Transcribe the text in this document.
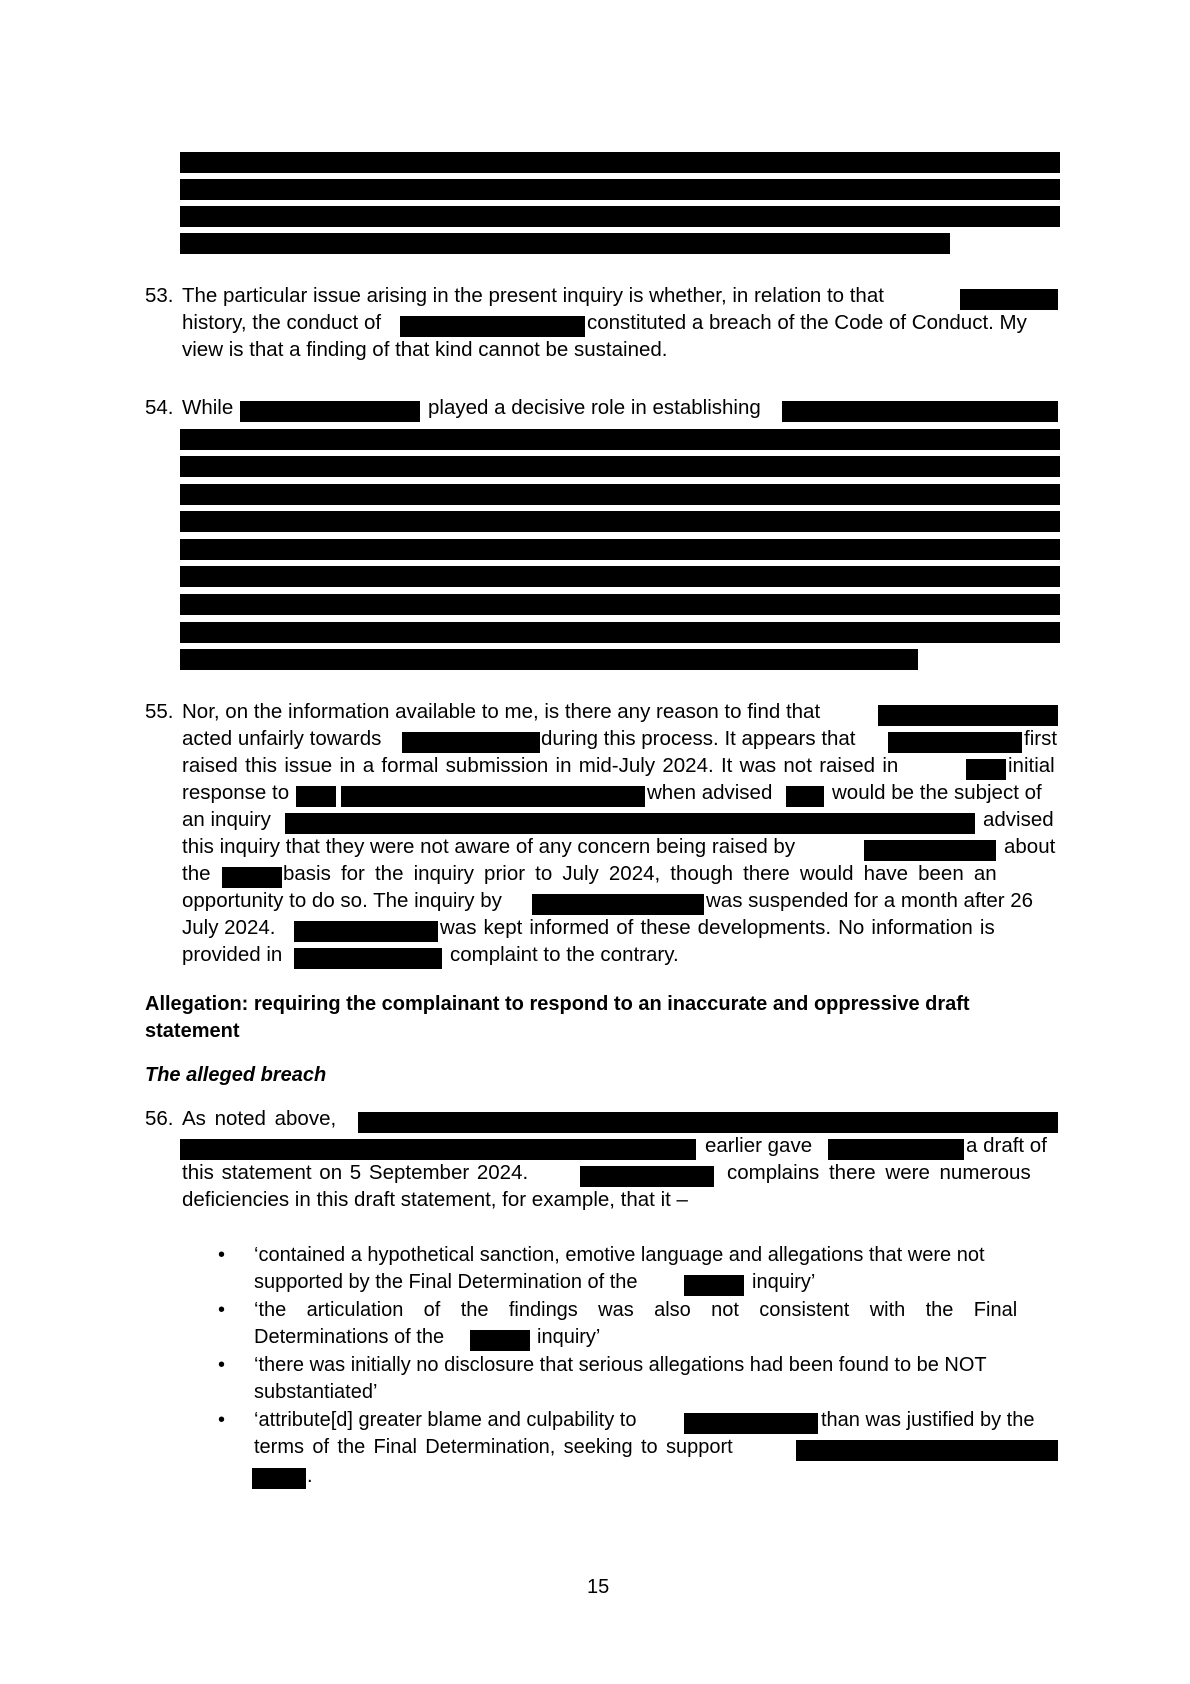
53. The particular issue arising in the present inquiry is whether, in relation to that
history, the conduct of	constituted a breach of the Code of Conduct. My
view is that a finding of that kind cannot be sustained.
54. While	played a decisive role in establishing
55. Nor, on the information available to me, is there any reason to find that
acted unfairly towards	during this process. It appears that	first
raised this issue in a formal submission in mid-July 2024. It was not raised in	initial
response to	when advised	would be the subject of
an inquiry	advised
this inquiry that they were not aware of any concern being raised by	about
the	basis for the inquiry prior to July 2024, though there would have been an
opportunity to do so. The inquiry by	was suspended for a month after 26
July 2024.	was kept informed of these developments. No information is
provided in	complaint to the contrary.
Allegation: requiring the complainant to respond to an inaccurate and oppressive draft
statement
The alleged breach
56. As noted above,
earlier gave	a draft of
this statement on 5 September 2024.	complains there were numerous
deficiencies in this draft statement, for example, that it –
• ‘contained a hypothetical sanction, emotive language and allegations that were not
supported by the Final Determination of the	inquiry’
• ‘the articulation of the findings was also not consistent with the Final
Determinations of the	inquiry’
• ‘there was initially no disclosure that serious allegations had been found to be NOT
substantiated’
• ‘attribute[d] greater blame and culpability to	than was justified by the
terms of the Final Determination, seeking to support
.
15
